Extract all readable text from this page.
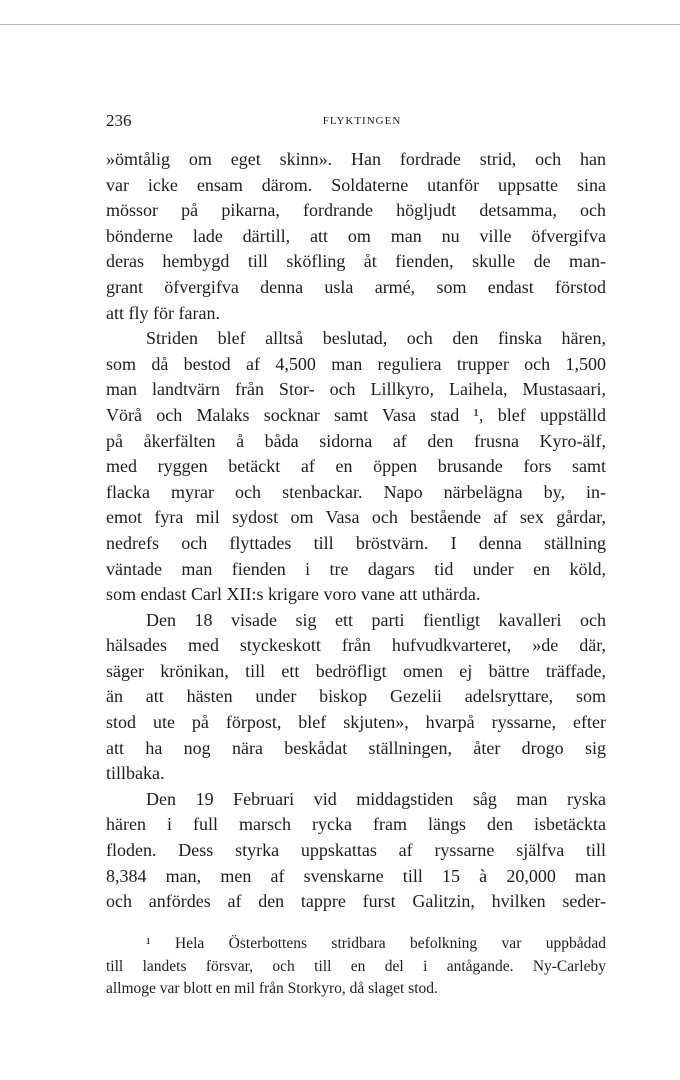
236	FLYKTINGEN
»ömtålig om eget skinn». Han fordrade strid, och han
var icke ensam därom. Soldaterne utanför uppsatte sina
mössor på pikarna, fordrande högljudt detsamma, och
bönderne lade därtill, att om man nu ville öfvergifva
deras hembygd till sköfling åt fienden, skulle de man-
grant öfvergifva denna usla armé, som endast förstod
att fly för faran.
Striden blef alltså beslutad, och den finska hären,
som då bestod af 4,500 man reguliera trupper och 1,500
man landtvärn från Stor- och Lillkyro, Laihela, Mustasaari,
Vörå och Malaks socknar samt Vasa stad ¹, blef uppställd
på åkerfälten å båda sidorna af den frusna Kyro-älf,
med ryggen betäckt af en öppen brusande fors samt
flacka myrar och stenbackar. Napo närbelägna by, in-
emot fyra mil sydost om Vasa och bestående af sex gårdar,
nedrefs och flyttades till bröstvärn. I denna ställning
väntade man fienden i tre dagars tid under en köld,
som endast Carl XII:s krigare voro vane att uthärda.
Den 18 visade sig ett parti fientligt kavalleri och
hälsades med styckeskott från hufvudkvarteret, »de där,
säger krönikan, till ett bedröfligt omen ej bättre träffade,
än att hästen under biskop Gezelii adelsryttare, som
stod ute på förpost, blef skjuten», hvarpå ryssarne, efter
att ha nog nära beskådat ställningen, åter drogo sig
tillbaka.
Den 19 Februari vid middagstiden såg man ryska
hären i full marsch rycka fram längs den isbetäckta
floden. Dess styrka uppskattas af ryssarne själfva till
8,384 man, men af svenskarne till 15 à 20,000 man
och anfördes af den tappre furst Galitzin, hvilken seder-
¹ Hela Österbottens stridbara befolkning var uppbådad
till landets försvar, och till en del i antågande. Ny-Carleby
allmoge var blott en mil från Storkyro, då slaget stod.
